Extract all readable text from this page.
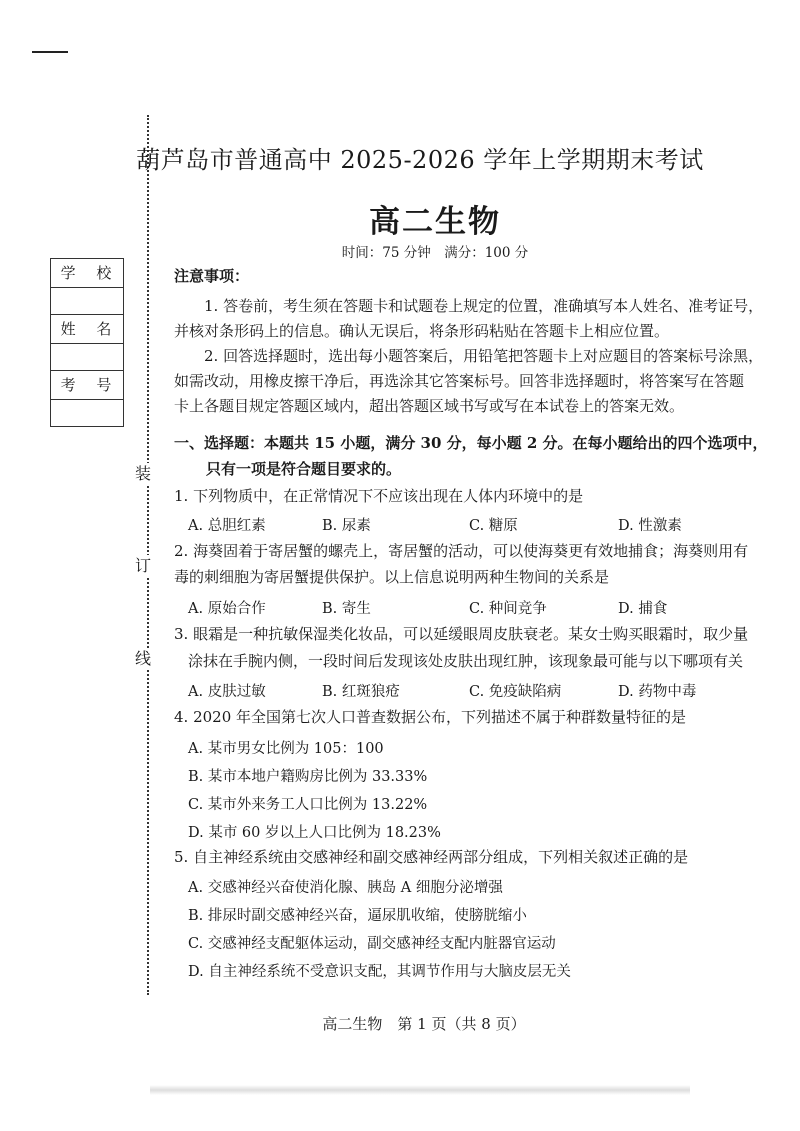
装
订
线
学 校
姓 名
考 号
葫芦岛市普通高中 2025-2026 学年上学期期末考试
高二生物
时间：75 分钟　满分：100 分
注意事项：
1. 答卷前，考生须在答题卡和试题卷上规定的位置，准确填写本人姓名、准考证号，
并核对条形码上的信息。确认无误后，将条形码粘贴在答题卡上相应位置。
2. 回答选择题时，选出每小题答案后，用铅笔把答题卡上对应题目的答案标号涂黑，
如需改动，用橡皮擦干净后，再选涂其它答案标号。回答非选择题时，将答案写在答题
卡上各题目规定答题区域内，超出答题区域书写或写在本试卷上的答案无效。
一、选择题：本题共 15 小题，满分 30 分，每小题 2 分。在每小题给出的四个选项中，
只有一项是符合题目要求的。
1. 下列物质中，在正常情况下不应该出现在人体内环境中的是
A. 总胆红素	B. 尿素	C. 糖原	D. 性激素
2. 海葵固着于寄居蟹的螺壳上，寄居蟹的活动，可以使海葵更有效地捕食；海葵则用有
毒的刺细胞为寄居蟹提供保护。以上信息说明两种生物间的关系是
A. 原始合作	B. 寄生	C. 种间竞争	D. 捕食
3. 眼霜是一种抗敏保湿类化妆品，可以延缓眼周皮肤衰老。某女士购买眼霜时，取少量
涂抹在手腕内侧，一段时间后发现该处皮肤出现红肿，该现象最可能与以下哪项有关
A. 皮肤过敏	B. 红斑狼疮	C. 免疫缺陷病	D. 药物中毒
4. 2020 年全国第七次人口普查数据公布，下列描述不属于种群数量特征的是
A. 某市男女比例为 105：100
B. 某市本地户籍购房比例为 33.33%
C. 某市外来务工人口比例为 13.22%
D. 某市 60 岁以上人口比例为 18.23%
5. 自主神经系统由交感神经和副交感神经两部分组成，下列相关叙述正确的是
A. 交感神经兴奋使消化腺、胰岛 A 细胞分泌增强
B. 排尿时副交感神经兴奋，逼尿肌收缩，使膀胱缩小
C. 交感神经支配躯体运动，副交感神经支配内脏器官运动
D. 自主神经系统不受意识支配，其调节作用与大脑皮层无关
高二生物　第 1 页（共 8 页）
